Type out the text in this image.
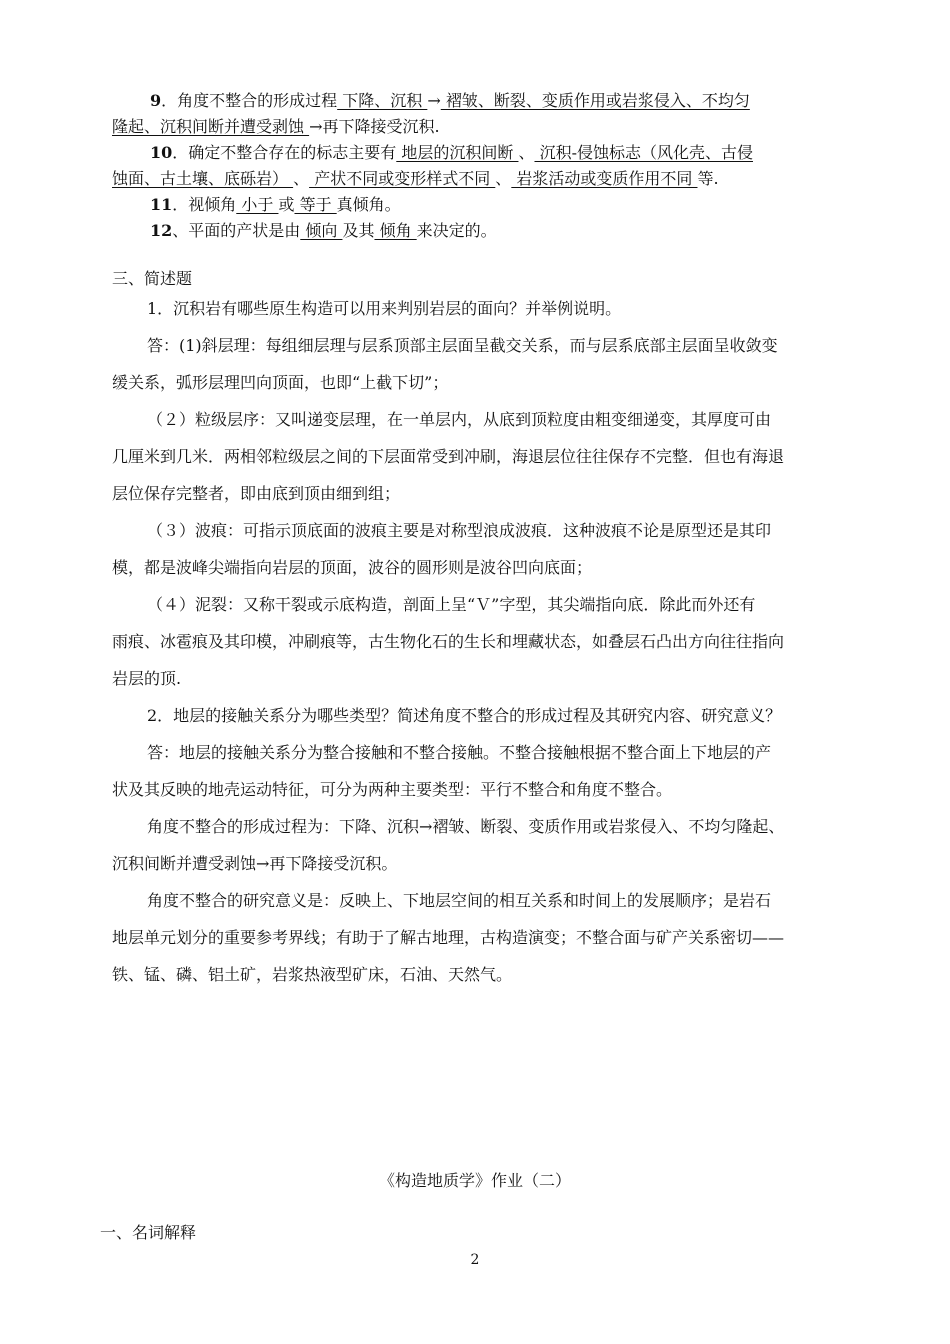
9．角度不整合的形成过程 下降、沉积 → 褶皱、断裂、变质作用或岩浆侵入、不均匀
隆起、沉积间断并遭受剥蚀 →再下降接受沉积.
10．确定不整合存在的标志主要有 地层的沉积间断 、 沉积-侵蚀标志（风化壳、古侵
蚀面、古土壤、底砾岩） 、 产状不同或变形样式不同 、 岩浆活动或变质作用不同 等.
11．视倾角 小于 或 等于 真倾角。
12、平面的产状是由 倾向 及其 倾角 来决定的。
三、简述题
1．沉积岩有哪些原生构造可以用来判别岩层的面向？并举例说明。
答：(1)斜层理：每组细层理与层系顶部主层面呈截交关系，而与层系底部主层面呈收敛变
缓关系，弧形层理凹向顶面，也即“上截下切”；
（２）粒级层序：又叫递变层理，在一单层内，从底到顶粒度由粗变细递变，其厚度可由
几厘米到几米．两相邻粒级层之间的下层面常受到冲刷，海退层位往往保存不完整．但也有海退
层位保存完整者，即由底到顶由细到组；
（３）波痕：可指示顶底面的波痕主要是对称型浪成波痕．这种波痕不论是原型还是其印
模，都是波峰尖端指向岩层的顶面，波谷的圆形则是波谷凹向底面；
（４）泥裂：又称干裂或示底构造，剖面上呈“Ｖ”字型，其尖端指向底．除此而外还有
雨痕、冰雹痕及其印模，冲刷痕等，古生物化石的生长和埋藏状态，如叠层石凸出方向往往指向
岩层的顶.
2．地层的接触关系分为哪些类型？简述角度不整合的形成过程及其研究内容、研究意义？
答：地层的接触关系分为整合接触和不整合接触。不整合接触根据不整合面上下地层的产
状及其反映的地壳运动特征，可分为两种主要类型：平行不整合和角度不整合。
角度不整合的形成过程为：下降、沉积→褶皱、断裂、变质作用或岩浆侵入、不均匀隆起、
沉积间断并遭受剥蚀→再下降接受沉积。
角度不整合的研究意义是：反映上、下地层空间的相互关系和时间上的发展顺序；是岩石
地层单元划分的重要参考界线；有助于了解古地理，古构造演变；不整合面与矿产关系密切——
铁、锰、磷、铝土矿，岩浆热液型矿床，石油、天然气。
《构造地质学》作业（二）
一、名词解释
2
